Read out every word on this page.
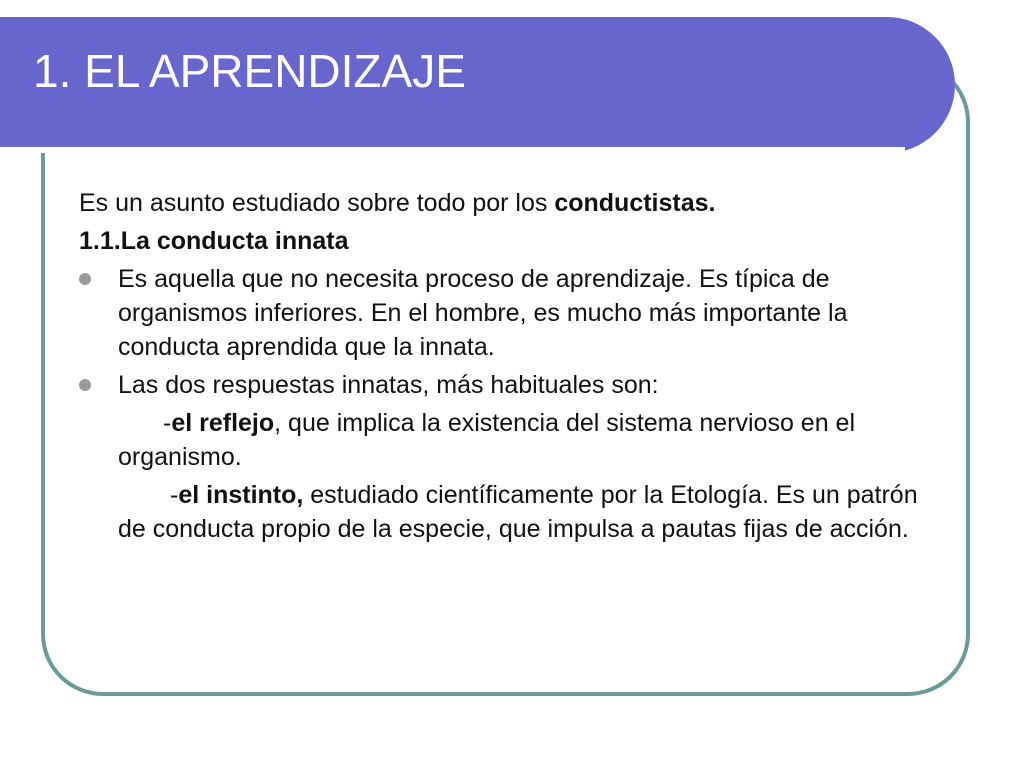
1. EL APRENDIZAJE

Es un asunto estudiado sobre todo por los conductistas.

1.1.La conducta innata

Es aquella que no necesita proceso de aprendizaje. Es típica de organismos inferiores. En el hombre, es mucho más importante la conducta aprendida que la innata.
Las dos respuestas innatas, más habituales son:

-el reflejo, que implica la existencia del sistema nervioso en el organismo.

-el instinto, estudiado científicamente por la Etología. Es un patrón de conducta propio de la especie, que impulsa a pautas fijas de acción.
